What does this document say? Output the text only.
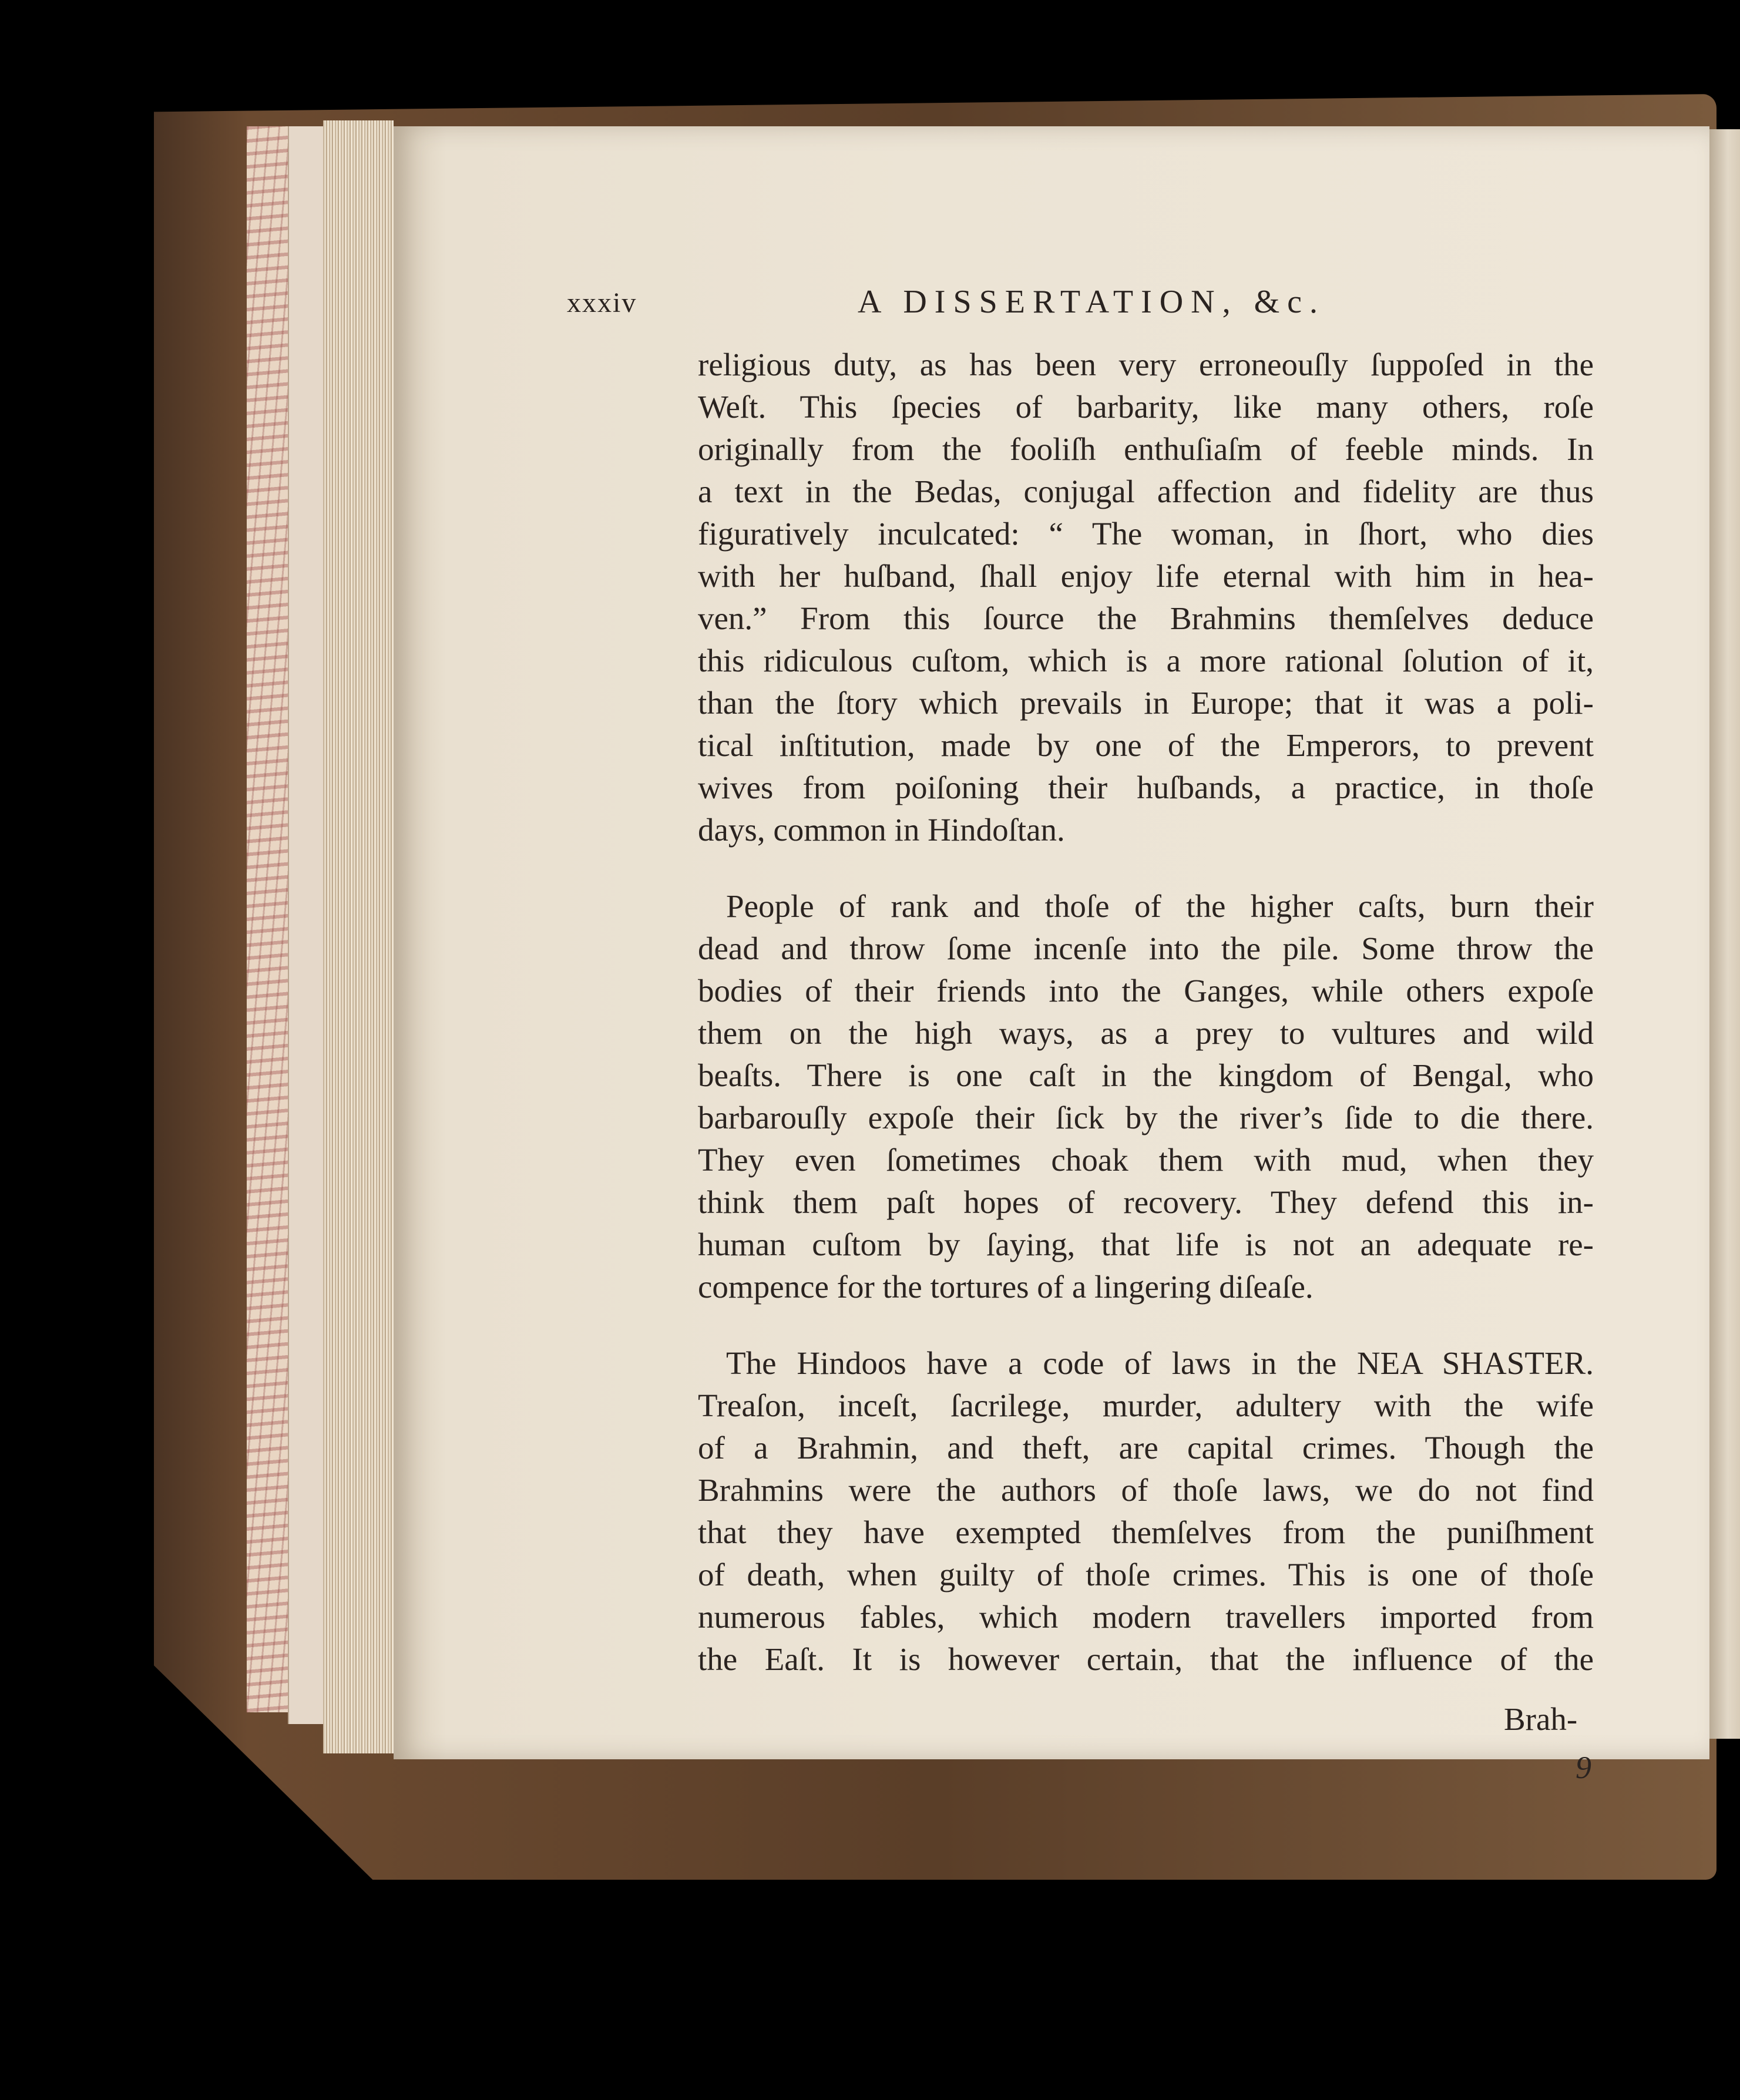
xxxiv	A DISSERTATION, &c.
religious duty, as has been very erroneouſly ſuppoſed in the
Weſt. This ſpecies of barbarity, like many others, roſe
originally from the fooliſh enthuſiaſm of feeble minds. In
a text in the Bedas, conjugal affection and fidelity are thus
figuratively inculcated: “ The woman, in ſhort, who dies
with her huſband, ſhall enjoy life eternal with him in hea-
ven.” From this ſource the Brahmins themſelves deduce
this ridiculous cuſtom, which is a more rational ſolution of it,
than the ſtory which prevails in Europe; that it was a poli-
tical inſtitution, made by one of the Emperors, to prevent
wives from poiſoning their huſbands, a practice, in thoſe
days, common in Hindoſtan.
People of rank and thoſe of the higher caſts, burn their
dead and throw ſome incenſe into the pile. Some throw the
bodies of their friends into the Ganges, while others expoſe
them on the high ways, as a prey to vultures and wild
beaſts. There is one caſt in the kingdom of Bengal, who
barbarouſly expoſe their ſick by the river’s ſide to die there.
They even ſometimes choak them with mud, when they
think them paſt hopes of recovery. They defend this in-
human cuſtom by ſaying, that life is not an adequate re-
compence for the tortures of a lingering diſeaſe.
The Hindoos have a code of laws in the NEA SHASTER.
Treaſon, inceſt, ſacrilege, murder, adultery with the wife
of a Brahmin, and theft, are capital crimes. Though the
Brahmins were the authors of thoſe laws, we do not find
that they have exempted themſelves from the puniſhment
of death, when guilty of thoſe crimes. This is one of thoſe
numerous fables, which modern travellers imported from
the Eaſt. It is however certain, that the influence of the
Brah-
9
